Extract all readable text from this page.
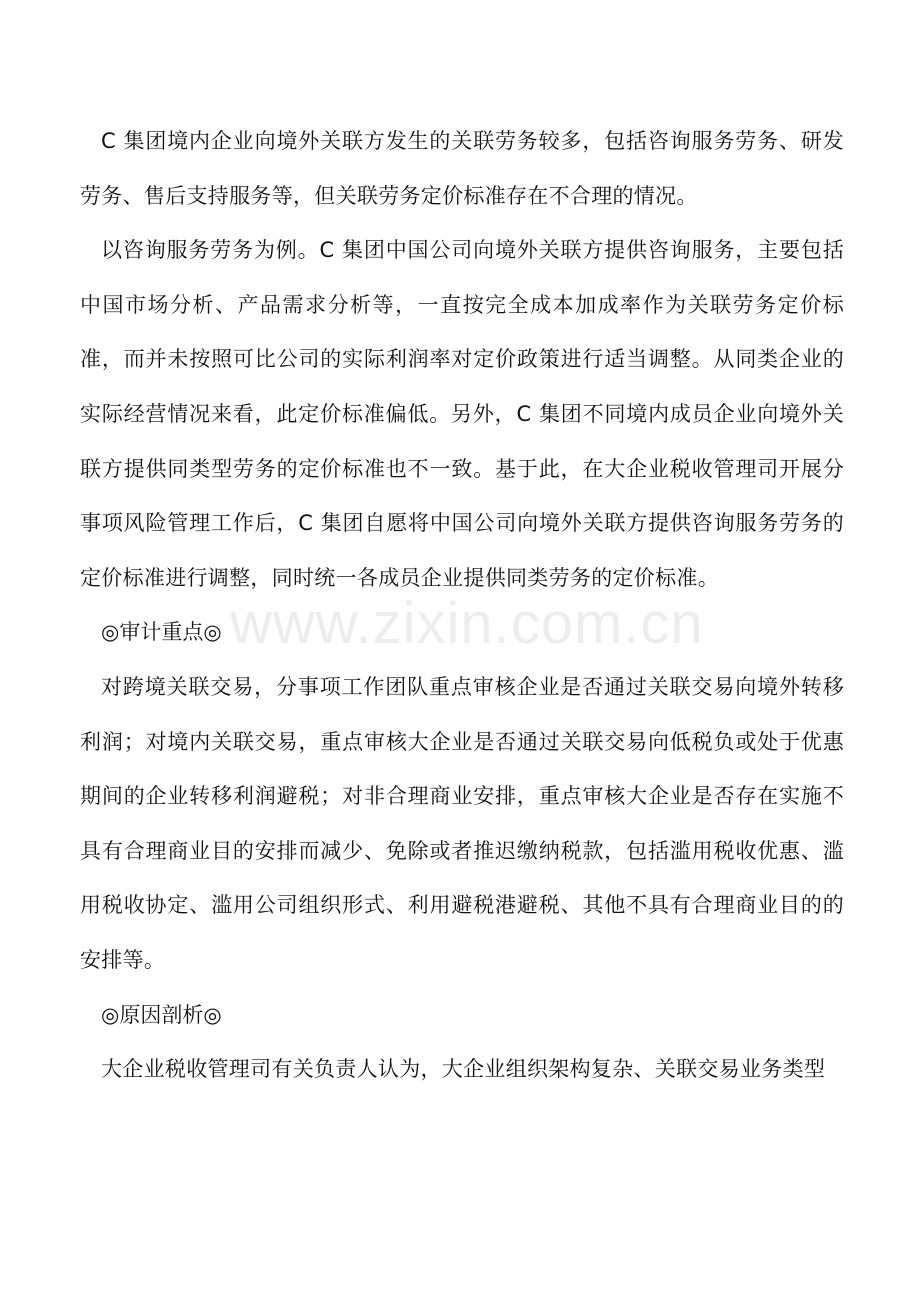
C 集团境内企业向境外关联方发生的关联劳务较多，包括咨询服务劳务、研发劳务、售后支持服务等，但关联劳务定价标准存在不合理的情况。

以咨询服务劳务为例。C 集团中国公司向境外关联方提供咨询服务，主要包括中国市场分析、产品需求分析等，一直按完全成本加成率作为关联劳务定价标准，而并未按照可比公司的实际利润率对定价政策进行适当调整。从同类企业的实际经营情况来看，此定价标准偏低。另外，C 集团不同境内成员企业向境外关联方提供同类型劳务的定价标准也不一致。基于此，在大企业税收管理司开展分事项风险管理工作后，C 集团自愿将中国公司向境外关联方提供咨询服务劳务的定价标准进行调整，同时统一各成员企业提供同类劳务的定价标准。

◎审计重点◎

对跨境关联交易，分事项工作团队重点审核企业是否通过关联交易向境外转移利润；对境内关联交易，重点审核大企业是否通过关联交易向低税负或处于优惠期间的企业转移利润避税；对非合理商业安排，重点审核大企业是否存在实施不具有合理商业目的安排而减少、免除或者推迟缴纳税款，包括滥用税收优惠、滥用税收协定、滥用公司组织形式、利用避税港避税、其他不具有合理商业目的的安排等。

◎原因剖析◎

大企业税收管理司有关负责人认为，大企业组织架构复杂、关联交易业务类型

www.zixin.com.cn
